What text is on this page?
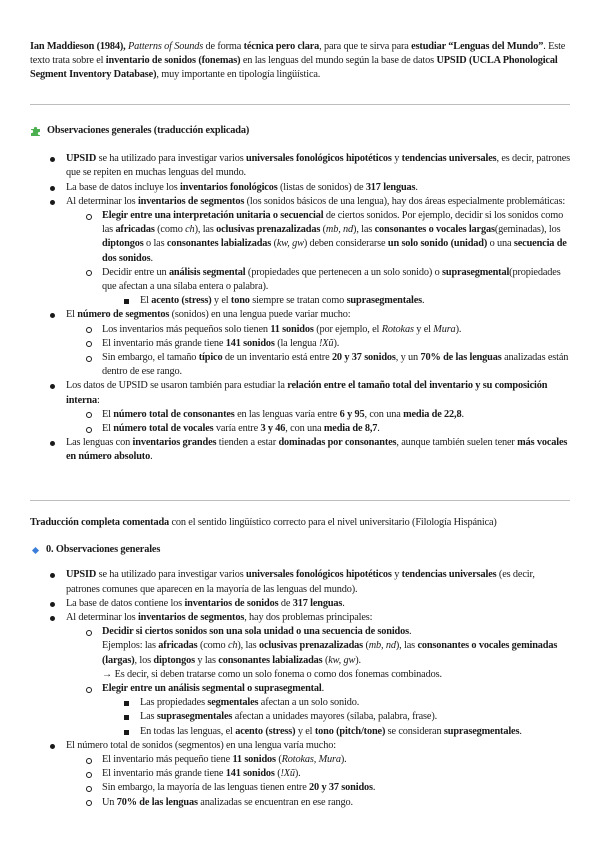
Ian Maddieson (1984), Patterns of Sounds de forma técnica pero clara, para que te sirva para estudiar “Lenguas del Mundo”. Este texto trata sobre el inventario de sonidos (fonemas) en las lenguas del mundo según la base de datos UPSID (UCLA Phonological Segment Inventory Database), muy importante en tipología lingüística.

Observaciones generales (traducción explicada)
UPSID se ha utilizado para investigar varios universales fonológicos hipotéticos y tendencias universales, es decir, patrones que se repiten en muchas lenguas del mundo.
La base de datos incluye los inventarios fonológicos (listas de sonidos) de 317 lenguas.
Al determinar los inventarios de segmentos (los sonidos básicos de una lengua), hay dos áreas especialmente problemáticas:
Elegir entre una interpretación unitaria o secuencial de ciertos sonidos. Por ejemplo, decidir si los sonidos como las africadas (como ch), las oclusivas prenazalizadas (mb, nd), las consonantes o vocales largas(geminadas), los diptongos o las consonantes labializadas (kw, gw) deben considerarse un solo sonido (unidad) o una secuencia de dos sonidos.
Decidir entre un análisis segmental (propiedades que pertenecen a un solo sonido) o suprasegmental(propiedades que afectan a una sílaba entera o palabra).
El acento (stress) y el tono siempre se tratan como suprasegmentales.
El número de segmentos (sonidos) en una lengua puede variar mucho:
Los inventarios más pequeños solo tienen 11 sonidos (por ejemplo, el Rotokas y el Mura).
El inventario más grande tiene 141 sonidos (la lengua !Xũ).
Sin embargo, el tamaño típico de un inventario está entre 20 y 37 sonidos, y un 70% de las lenguas analizadas están dentro de ese rango.
Los datos de UPSID se usaron también para estudiar la relación entre el tamaño total del inventario y su composición interna:
El número total de consonantes en las lenguas varía entre 6 y 95, con una media de 22,8.
El número total de vocales varía entre 3 y 46, con una media de 8,7.
Las lenguas con inventarios grandes tienden a estar dominadas por consonantes, aunque también suelen tener más vocales en número absoluto.

Traducción completa comentada con el sentido lingüístico correcto para el nivel universitario (Filología Hispánica)

0. Observaciones generales
UPSID se ha utilizado para investigar varios universales fonológicos hipotéticos y tendencias universales (es decir, patrones comunes que aparecen en la mayoría de las lenguas del mundo).
La base de datos contiene los inventarios de sonidos de 317 lenguas.
Al determinar los inventarios de segmentos, hay dos problemas principales:
Decidir si ciertos sonidos son una sola unidad o una secuencia de sonidos.
Ejemplos: las africadas (como ch), las oclusivas prenazalizadas (mb, nd), las consonantes o vocales geminadas (largas), los diptongos y las consonantes labializadas (kw, gw).
→ Es decir, si deben tratarse como un solo fonema o como dos fonemas combinados.
Elegir entre un análisis segmental o suprasegmental.
Las propiedades segmentales afectan a un solo sonido.
Las suprasegmentales afectan a unidades mayores (sílaba, palabra, frase).
En todas las lenguas, el acento (stress) y el tono (pitch/tone) se consideran suprasegmentales.
El número total de sonidos (segmentos) en una lengua varía mucho:
El inventario más pequeño tiene 11 sonidos (Rotokas, Mura).
El inventario más grande tiene 141 sonidos (!Xũ).
Sin embargo, la mayoría de las lenguas tienen entre 20 y 37 sonidos.
Un 70% de las lenguas analizadas se encuentran en ese rango.
